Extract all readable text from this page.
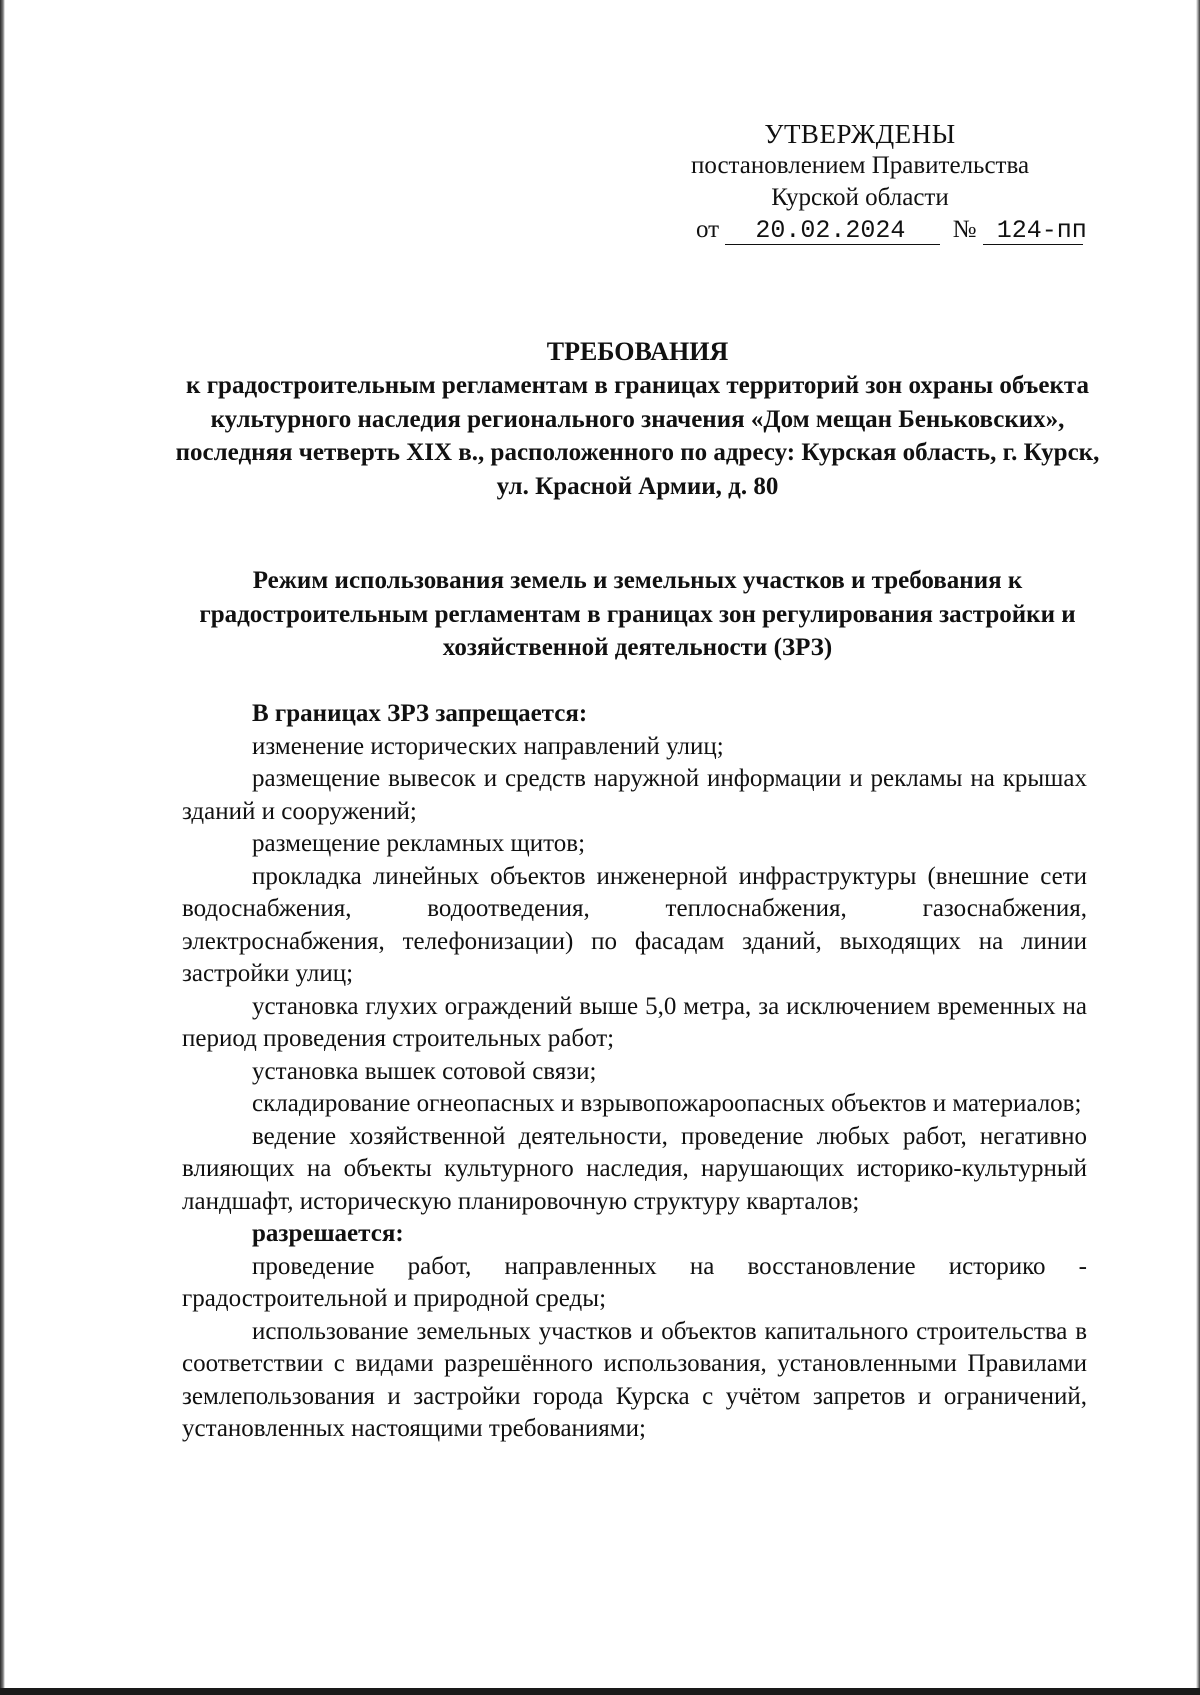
УТВЕРЖДЕНЫ
постановлением Правительства
Курской области
от 20.02.2024 № 124-пп
ТРЕБОВАНИЯ
к градостроительным регламентам в границах территорий зон охраны объекта культурного наследия регионального значения «Дом мещан Беньковских», последняя четверть XIX в., расположенного по адресу: Курская область, г. Курск, ул. Красной Армии, д. 80
Режим использования земель и земельных участков и требования к градостроительным регламентам в границах зон регулирования застройки и хозяйственной деятельности (ЗРЗ)

В границах ЗРЗ запрещается:

изменение исторических направлений улиц;

размещение вывесок и средств наружной информации и рекламы на крышах зданий и сооружений;

размещение рекламных щитов;

прокладка линейных объектов инженерной инфраструктуры (внешние сети водоснабжения, водоотведения, теплоснабжения, газоснабжения, электроснабжения, телефонизации) по фасадам зданий, выходящих на линии застройки улиц;

установка глухих ограждений выше 5,0 метра, за исключением временных на период проведения строительных работ;

установка вышек сотовой связи;

складирование огнеопасных и взрывопожароопасных объектов и материалов;

ведение хозяйственной деятельности, проведение любых работ, негативно влияющих на объекты культурного наследия, нарушающих историко-культурный ландшафт, историческую планировочную структуру кварталов;

разрешается:

проведение работ, направленных на восстановление историко - градостроительной и природной среды;

использование земельных участков и объектов капитального строительства в соответствии с видами разрешённого использования, установленными Правилами землепользования и застройки города Курска с учётом запретов и ограничений, установленных настоящими требованиями;
